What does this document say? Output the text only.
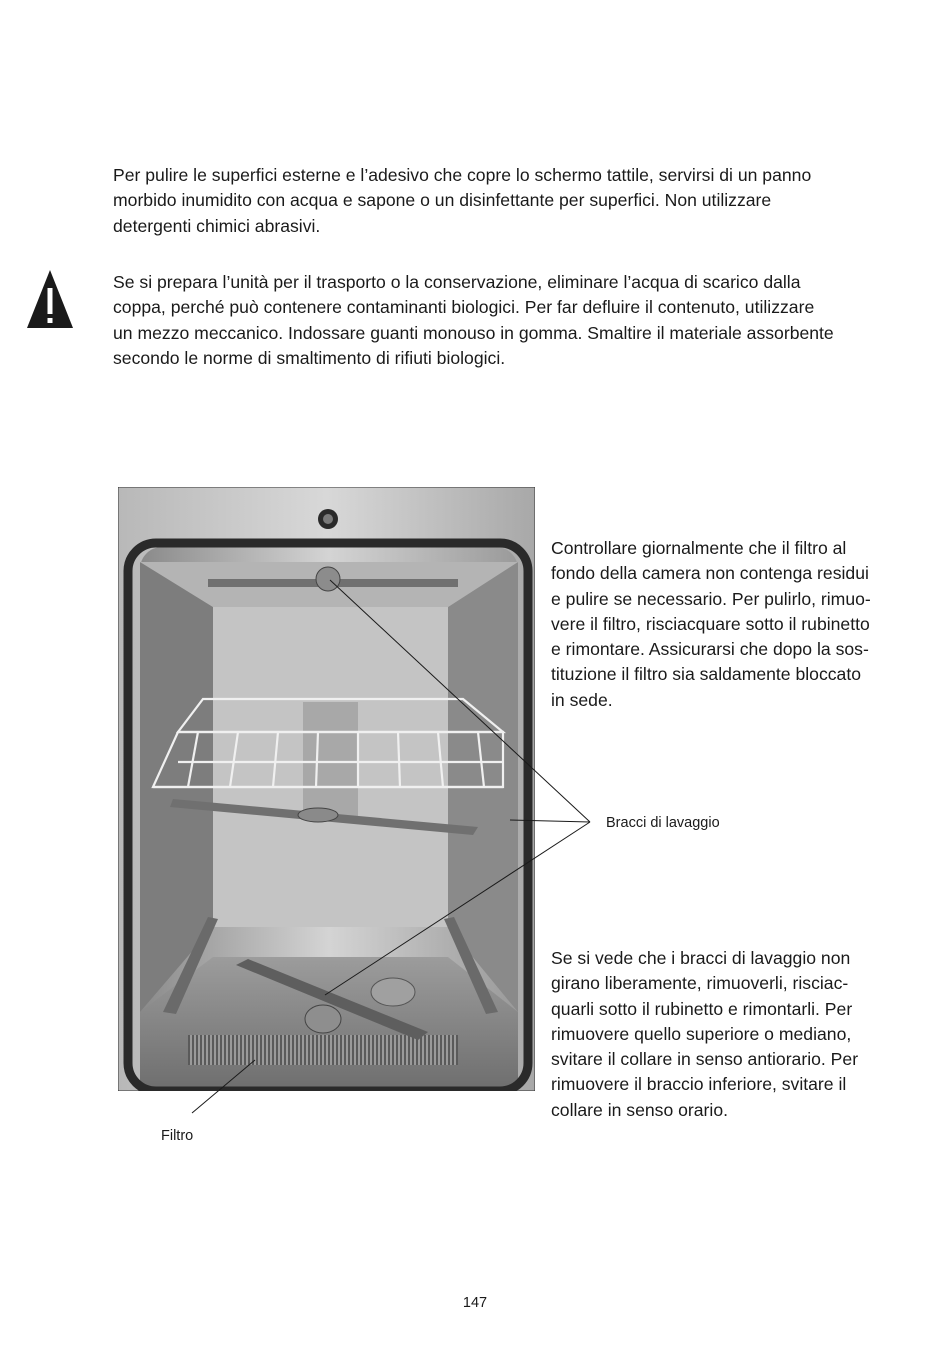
Per pulire le superfici esterne e l’adesivo che copre lo schermo tattile, servirsi di un panno
morbido inumidito con acqua e sapone o un disinfettante per superfici. Non utilizzare
detergenti chimici abrasivi.

Se si prepara l’unità per il trasporto o la conservazione, eliminare l’acqua di scarico dalla
coppa, perché può contenere contaminanti biologici. Per far defluire il contenuto, utilizzare
un mezzo meccanico. Indossare guanti monouso in gomma. Smaltire il materiale assorbente
secondo le norme di smaltimento di rifiuti biologici.

Bracci di lavaggio
Filtro

Controllare giornalmente che il filtro al
fondo della camera non contenga residui
e pulire se necessario. Per pulirlo, rimuo-
vere il filtro, risciacquare sotto il rubinetto
e rimontare. Assicurarsi che dopo la sos-
tituzione il filtro sia saldamente bloccato
in sede.

Se si vede che i bracci di lavaggio non
girano liberamente, rimuoverli, risciac-
quarli sotto il rubinetto e rimontarli. Per
rimuovere quello superiore o mediano,
svitare il collare in senso antiorario. Per
rimuovere il braccio inferiore, svitare il
collare in senso orario.

147
